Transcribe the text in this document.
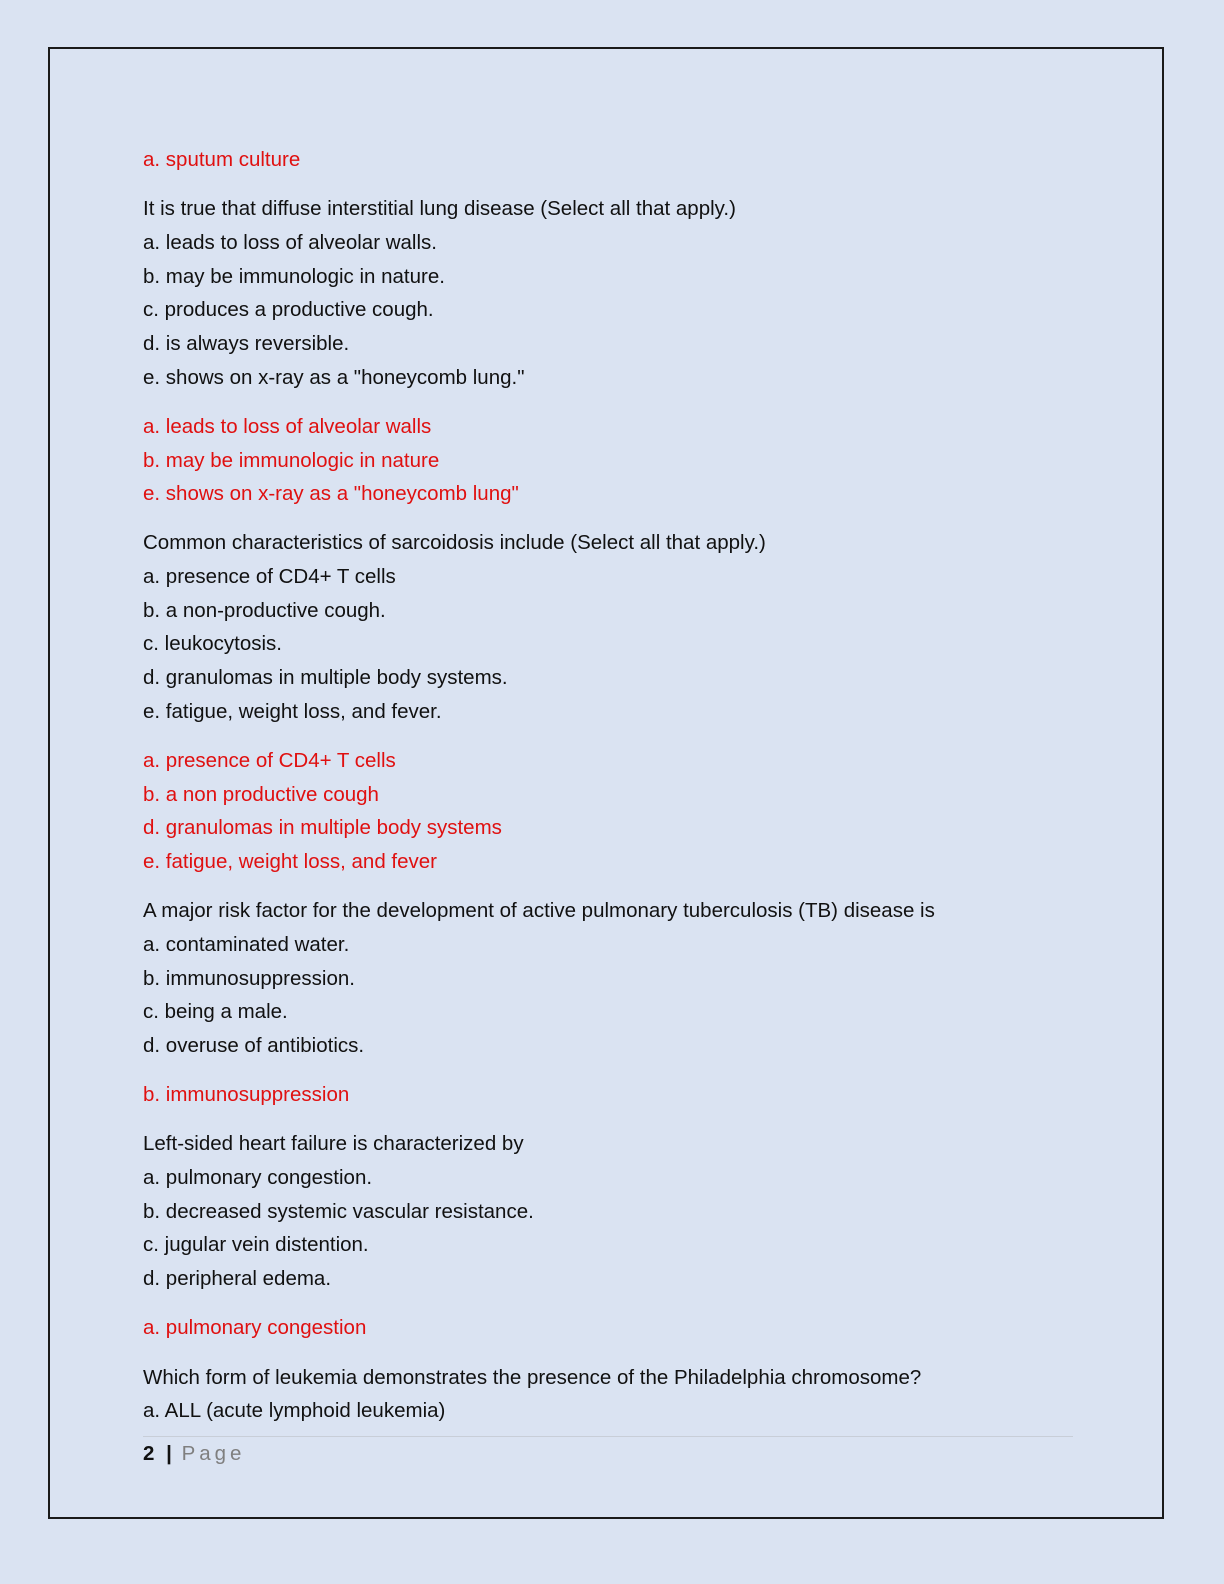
a. sputum culture
It is true that diffuse interstitial lung disease (Select all that apply.)
a. leads to loss of alveolar walls.
b. may be immunologic in nature.
c. produces a productive cough.
d. is always reversible.
e. shows on x-ray as a "honeycomb lung."
a. leads to loss of alveolar walls
b. may be immunologic in nature
e. shows on x-ray as a "honeycomb lung"
Common characteristics of sarcoidosis include (Select all that apply.)
a. presence of CD4+ T cells
b. a non-productive cough.
c. leukocytosis.
d. granulomas in multiple body systems.
e. fatigue, weight loss, and fever.
a. presence of CD4+ T cells
b. a non productive cough
d. granulomas in multiple body systems
e. fatigue, weight loss, and fever
A major risk factor for the development of active pulmonary tuberculosis (TB) disease is
a. contaminated water.
b. immunosuppression.
c. being a male.
d. overuse of antibiotics.
b. immunosuppression
Left-sided heart failure is characterized by
a. pulmonary congestion.
b. decreased systemic vascular resistance.
c. jugular vein distention.
d. peripheral edema.
a. pulmonary congestion
Which form of leukemia demonstrates the presence of the Philadelphia chromosome?
a. ALL (acute lymphoid leukemia)
2 | Page
